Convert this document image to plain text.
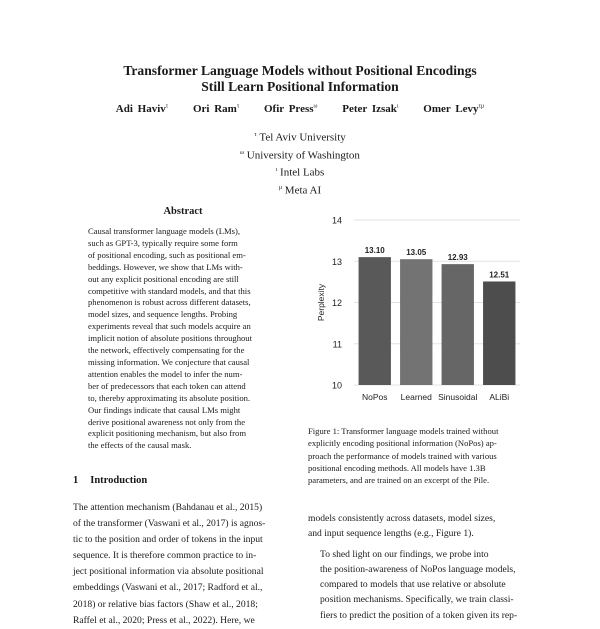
Transformer Language Models without Positional Encodings
Still Learn Positional Information
Adi Haviv$^\tau$ Ori Ram$^\tau$ Ofir Press$^\omega$ Peter Izsak$^\iota$ Omer Levy$^{\tau\mu}$
$^\tau$ Tel Aviv University
$^\omega$ University of Washington
$^\iota$ Intel Labs
$^\mu$ Meta AI
Abstract
Causal transformer language models (LMs),
such as GPT-3, typically require some form
of positional encoding, such as positional em-
beddings. However, we show that LMs with-
out any explicit positional encoding are still
competitive with standard models, and that this
phenomenon is robust across different datasets,
model sizes, and sequence lengths. Probing
experiments reveal that such models acquire an
implicit notion of absolute positions throughout
the network, effectively compensating for the
missing information. We conjecture that causal
attention enables the model to infer the num-
ber of predecessors that each token can attend
to, thereby approximating its absolute position.
Our findings indicate that causal LMs might
derive positional awareness not only from the
explicit positioning mechanism, but also from
the effects of the causal mask.
1 Introduction
The attention mechanism (Bahdanau et al., 2015)
of the transformer (Vaswani et al., 2017) is agnos-
tic to the position and order of tokens in the input
sequence. It is therefore common practice to in-
ject positional information via absolute positional
embeddings (Vaswani et al., 2017; Radford et al.,
2018) or relative bias factors (Shaw et al., 2018;
Raffel et al., 2020; Press et al., 2022). Here, we
10
11
12
13
14
Perplexity
13.10
NoPos
13.05
Learned
12.93
Sinusoidal
12.51
ALiBi
Figure 1: Transformer language models trained without
explicitly encoding positional information (NoPos) ap-
proach the performance of models trained with various
positional encoding methods. All models have 1.3B
parameters, and are trained on an excerpt of the Pile.

models consistently across datasets, model sizes,
and input sequence lengths (e.g., Figure 1).

To shed light on our findings, we probe into
the position-awareness of NoPos language models,
compared to models that use relative or absolute
position mechanisms. Specifically, we train classi-
fiers to predict the position of a token given its rep-
